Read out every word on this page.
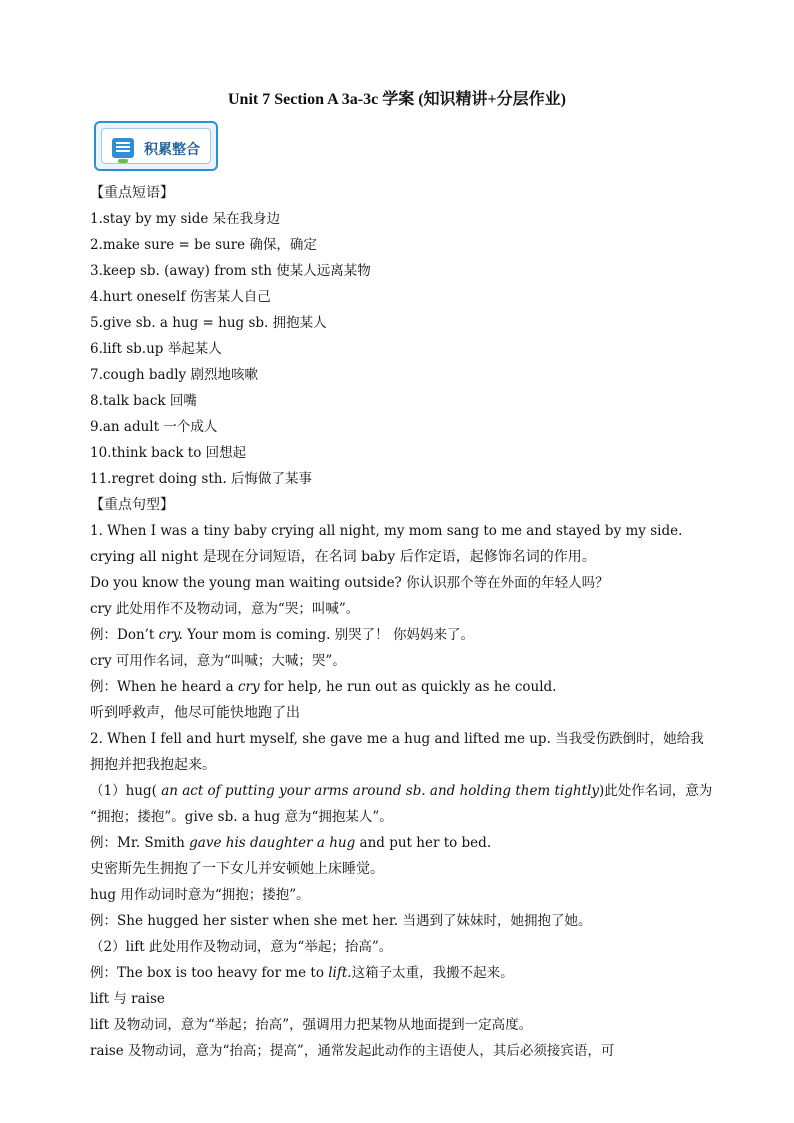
Unit 7 Section A 3a-3c 学案 (知识精讲+分层作业)
积累整合
【重点短语】
1.stay by my side 呆在我身边
2.make sure = be sure 确保，确定
3.keep sb. (away) from sth 使某人远离某物
4.hurt oneself 伤害某人自己
5.give sb. a hug = hug sb. 拥抱某人
6.lift sb.up 举起某人
7.cough badly 剧烈地咳嗽
8.talk back 回嘴
9.an adult 一个成人
10.think back to 回想起
11.regret doing sth. 后悔做了某事
【重点句型】
1. When I was a tiny baby crying all night, my mom sang to me and stayed by my side.
crying all night 是现在分词短语，在名词 baby 后作定语，起修饰名词的作用。
Do you know the young man waiting outside? 你认识那个等在外面的年轻人吗？
cry 此处用作不及物动词，意为“哭；叫喊”。
例：Don’t cry. Your mom is coming. 别哭了！ 你妈妈来了。
cry 可用作名词，意为“叫喊；大喊；哭”。
例：When he heard a cry for help, he run out as quickly as he could.
听到呼救声，他尽可能快地跑了出
2. When I fell and hurt myself, she gave me a hug and lifted me up. 当我受伤跌倒时，她给我
拥抱并把我抱起来。
（1）hug( an act of putting your arms around sb. and holding them tightly)此处作名词，意为
“拥抱；搂抱”。give sb. a hug 意为“拥抱某人”。
例：Mr. Smith gave his daughter a hug and put her to bed.
史密斯先生拥抱了一下女儿并安顿她上床睡觉。
hug 用作动词时意为“拥抱；搂抱”。
例：She hugged her sister when she met her. 当遇到了妹妹时，她拥抱了她。
（2）lift 此处用作及物动词，意为“举起；抬高”。
例：The box is too heavy for me to lift.这箱子太重，我搬不起来。
lift 与 raise
lift 及物动词，意为“举起；抬高”，强调用力把某物从地面提到一定高度。
raise 及物动词，意为“抬高；提高”，通常发起此动作的主语使人，其后必须接宾语，可
